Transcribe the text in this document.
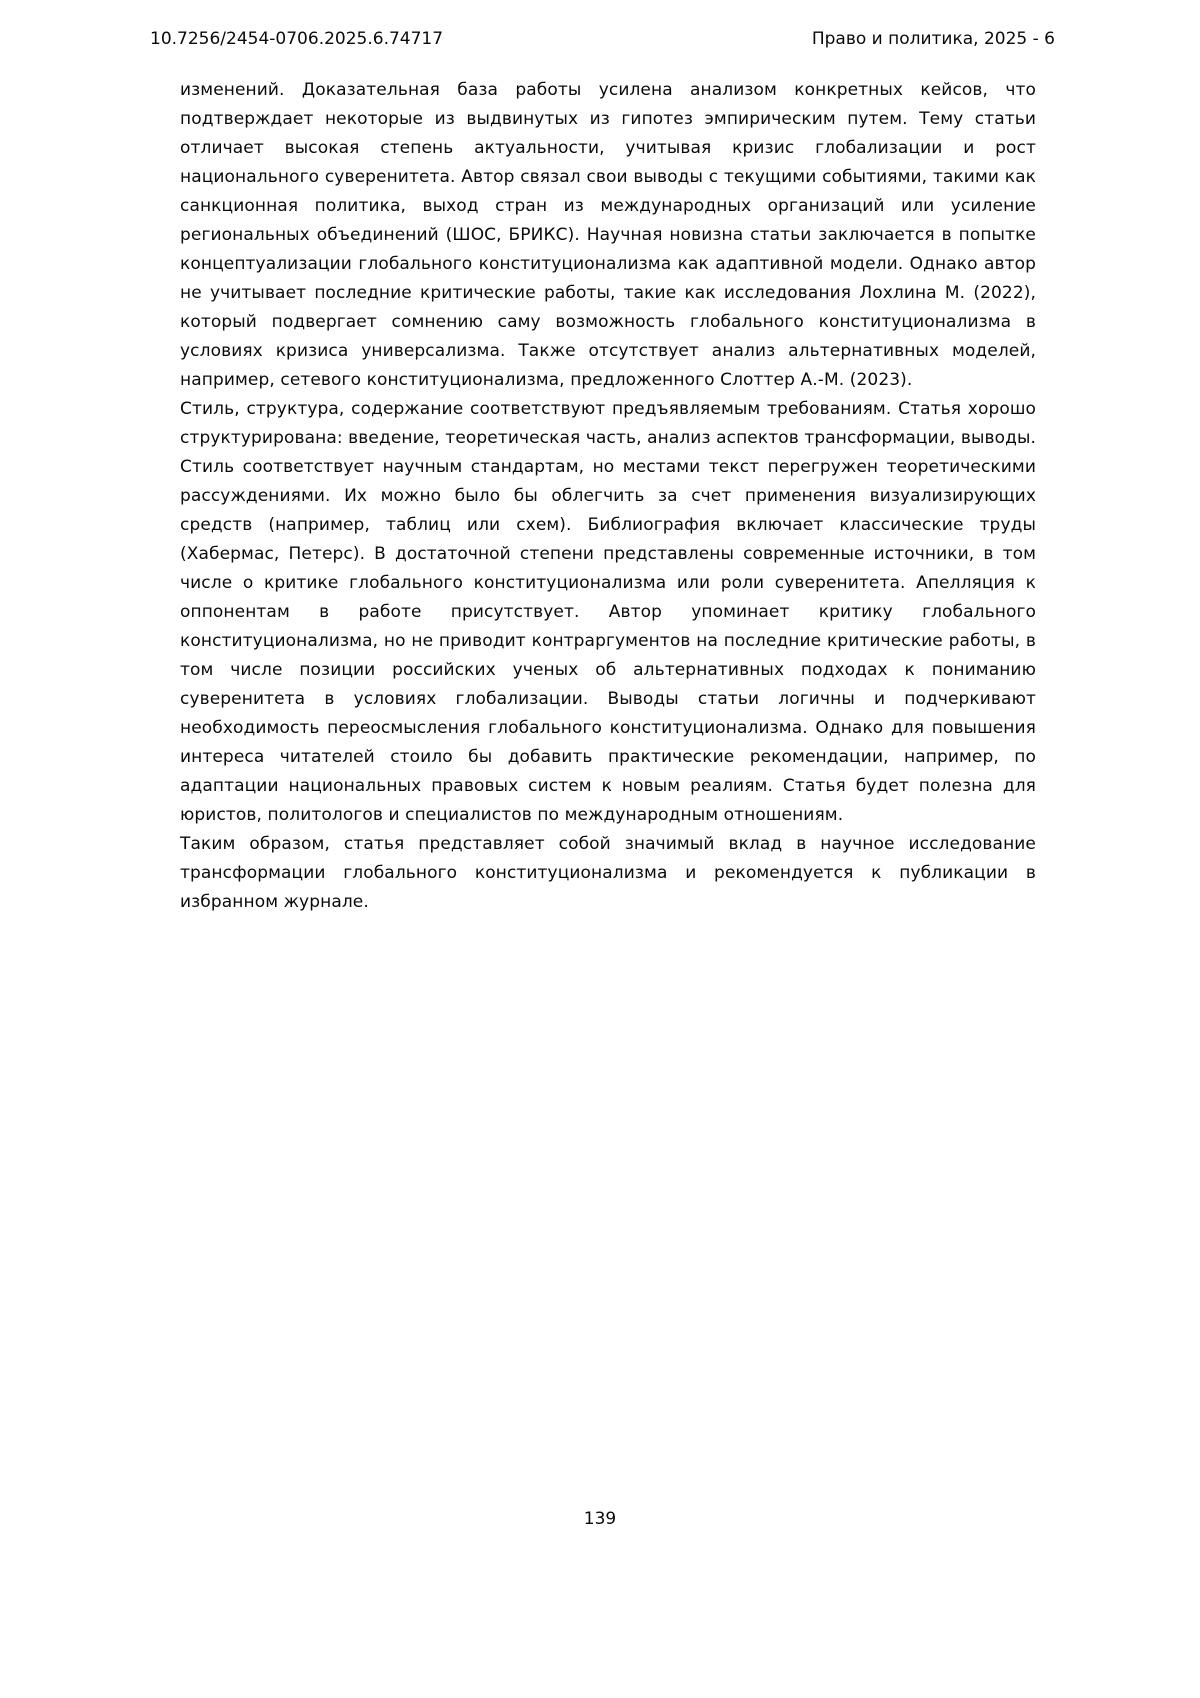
10.7256/2454-0706.2025.6.74717	Право и политика, 2025 - 6

изменений. Доказательная база работы усилена анализом конкретных кейсов, что подтверждает некоторые из выдвинутых из гипотез эмпирическим путем. Тему статьи отличает высокая степень актуальности, учитывая кризис глобализации и рост национального суверенитета. Автор связал свои выводы с текущими событиями, такими как санкционная политика, выход стран из международных организаций или усиление региональных объединений (ШОС, БРИКС). Научная новизна статьи заключается в попытке концептуализации глобального конституционализма как адаптивной модели. Однако автор не учитывает последние критические работы, такие как исследования Лохлина М. (2022), который подвергает сомнению саму возможность глобального конституционализма в условиях кризиса универсализма. Также отсутствует анализ альтернативных моделей, например, сетевого конституционализма, предложенного Слоттер А.-М. (2023).

Стиль, структура, содержание соответствуют предъявляемым требованиям. Статья хорошо структурирована: введение, теоретическая часть, анализ аспектов трансформации, выводы. Стиль соответствует научным стандартам, но местами текст перегружен теоретическими рассуждениями. Их можно было бы облегчить за счет применения визуализирующих средств (например, таблиц или схем). Библиография включает классические труды (Хабермас, Петерс). В достаточной степени представлены современные источники, в том числе о критике глобального конституционализма или роли суверенитета. Апелляция к оппонентам в работе присутствует. Автор упоминает критику глобального конституционализма, но не приводит контраргументов на последние критические работы, в том числе позиции российских ученых об альтернативных подходах к пониманию суверенитета в условиях глобализации. Выводы статьи логичны и подчеркивают необходимость переосмысления глобального конституционализма. Однако для повышения интереса читателей стоило бы добавить практические рекомендации, например, по адаптации национальных правовых систем к новым реалиям. Статья будет полезна для юристов, политологов и специалистов по международным отношениям.

Таким образом, статья представляет собой значимый вклад в научное исследование трансформации глобального конституционализма и рекомендуется к публикации в избранном журнале.

139
